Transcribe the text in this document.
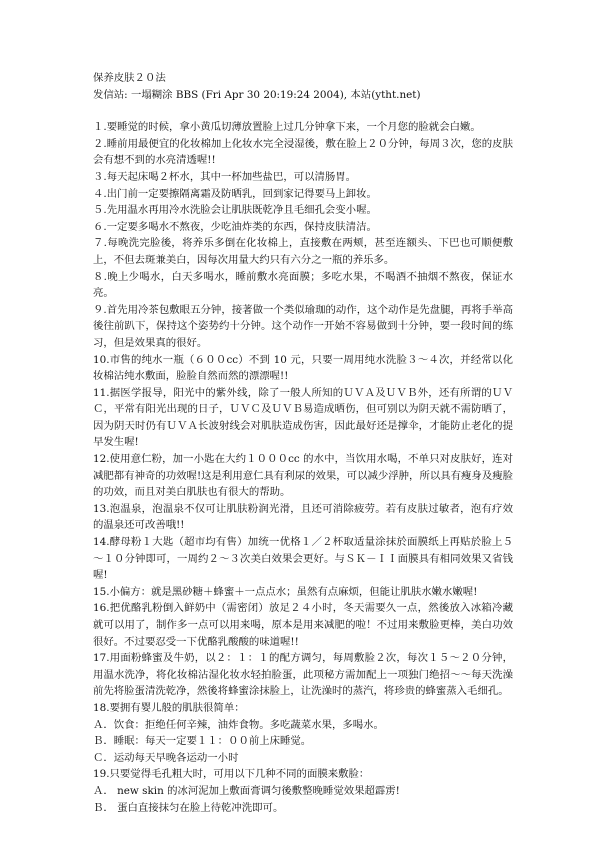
保养皮肤２０法

发信站: 一塌糊涂 BBS (Fri Apr 30 20:19:24 2004), 本站(ytht.net)

１.要睡觉的时候，拿小黄瓜切薄放置脸上过几分钟拿下来，一个月您的脸就会白嫩。

２.睡前用最便宜的化妆棉加上化妆水完全浸湿後，敷在脸上２０分钟，每周３次，您的皮肤会有想不到的水亮清透喔!!

３.每天起床喝２杯水，其中一杯加些盐巴，可以清肠胃。

４.出门前一定要擦隔离霜及防晒乳，回到家记得要马上卸妆。

５.先用温水再用冷水洗脸会让肌肤既乾净且毛细孔会变小喔。

６.一定要多喝水不熬夜，少吃油炸类的东西，保持皮肤清洁。

７.每晚洗完脸後，将养乐多倒在化妆棉上，直接敷在两颊，甚至连额头、下巴也可顺便敷上，不但去斑兼美白，因每次用量大约只有六分之一瓶的养乐多。

８.晚上少喝水，白天多喝水，睡前敷水亮面膜；多吃水果，不喝酒不抽烟不熬夜，保证水亮。

９.首先用冷茶包敷眼五分钟，接著做一个类似瑜珈的动作，这个动作是先盘腿，再将手举高後往前趴下，保持这个姿势约十分钟。这个动作一开始不容易做到十分钟，要一段时间的练习，但是效果真的很好。

10.市售的纯水一瓶（６００cc）不到 10 元，只要一周用纯水洗脸３～４次，并经常以化妆棉沾纯水敷面，脸脸自然而然的漂漂喔!!

11.据医学报导，阳光中的紫外线，除了一般人所知的ＵＶＡ及ＵＶＢ外，还有所谓的ＵＶＣ，平常有阳光出现的日子，ＵＶＣ及ＵＶＢ易造成晒伤，但可别以为阴天就不需防晒了，因为阴天时仍有ＵＶＡ长波射线会对肌肤造成伤害，因此最好还是撑伞，才能防止老化的提早发生喔!

12.使用意仁粉，加一小匙在大约１０００cc 的水中，当饮用水喝，不单只对皮肤好，连对减肥都有神奇的功效喔!这是利用意仁具有利尿的效果，可以减少浮肿，所以具有瘦身及瘦脸的功效，而且对美白肌肤也有很大的帮助。

13.泡温泉，泡温泉不仅可让肌肤粉润光滑，且还可消除疲劳。若有皮肤过敏者，泡有疗效的温泉还可改善哦!!

14.酵母粉１大匙（超市均有售）加统一优格１／２杯取适量涂抹於面膜纸上再贴於脸上５～１０分钟即可，一周约２～３次美白效果会更好。与ＳＫ－ＩＩ面膜具有相同效果又省钱喔!

15.小偏方：就是黑砂糖＋蜂蜜＋一点点水；虽然有点麻烦，但能让肌肤水嫩水嫩喔!

16.把优酪乳粉倒入鲜奶中（需密闭）放足２４小时，冬天需要久一点，然後放入冰箱冷藏就可以用了，制作多一点可以用来喝，原本是用来减肥的啦！不过用来敷脸更棒，美白功效很好。不过要忍受一下优酪乳酸酸的味道喔!!

17.用面粉蜂蜜及牛奶，以２：１：１的配方调匀，每周敷脸２次，每次１５～２０分钟，用温水洗净，将化妆棉沾湿化妆水轻拍脸蛋，此项秘方需加配上一项独门绝招～～每天洗澡前先将脸蛋清洗乾净，然後将蜂蜜涂抹脸上，让洗澡时的蒸汽，将珍贵的蜂蜜蒸入毛细孔。

18.要拥有婴儿般的肌肤很简单：

Ａ．饮食：拒绝任何辛辣，油炸食物。多吃蔬菜水果，多喝水。

Ｂ．睡眠：每天一定要１１：００前上床睡觉。

Ｃ．运动每天早晚各运动一小时

19.只要觉得毛孔粗大时，可用以下几种不同的面膜来敷脸：

Ａ． new skin 的冰河泥加上敷面膏调匀後敷整晚睡觉效果超霹雳!

Ｂ． 蛋白直接抹匀在脸上待乾冲洗即可。
